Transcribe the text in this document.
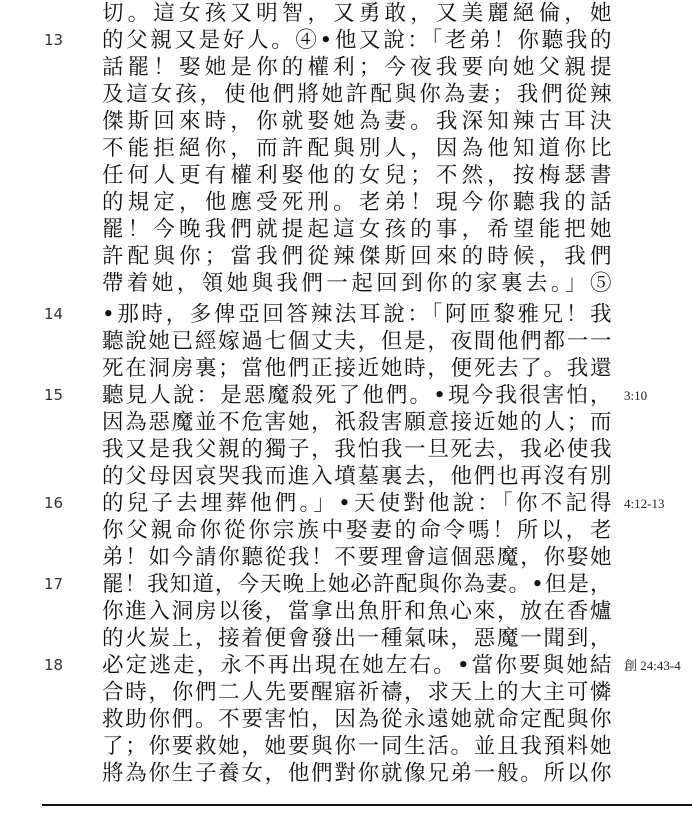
切。這女孩又明智，又勇敢，又美麗絕倫，她
的父親又是好人。④•他又說：「老弟！你聽我的
話罷！娶她是你的權利；今夜我要向她父親提
及這女孩，使他們將她許配與你為妻；我們從辣
傑斯回來時，你就娶她為妻。我深知辣古耳決
不能拒絕你，而許配與別人，因為他知道你比
任何人更有權利娶他的女兒；不然，按梅瑟書
的規定，他應受死刑。老弟！現今你聽我的話
罷！今晚我們就提起這女孩的事，希望能把她
許配與你；當我們從辣傑斯回來的時候，我們
帶着她，領她與我們一起回到你的家裏去。」⑤
•那時，多俾亞回答辣法耳說：「阿匝黎雅兄！我
聽說她已經嫁過七個丈夫，但是，夜間他們都一一
死在洞房裏；當他們正接近她時，便死去了。我還
聽見人說：是惡魔殺死了他們。•現今我很害怕，
因為惡魔並不危害她，祇殺害願意接近她的人；而
我又是我父親的獨子，我怕我一旦死去，我必使我
的父母因哀哭我而進入墳墓裏去，他們也再沒有別
的兒子去埋葬他們。」•天使對他說：「你不記得
你父親命你從你宗族中娶妻的命令嗎！所以，老
弟！如今請你聽從我！不要理會這個惡魔，你娶她
罷！我知道，今天晚上她必許配與你為妻。•但是，
你進入洞房以後，當拿出魚肝和魚心來，放在香爐
的火炭上，接着便會發出一種氣味，惡魔一聞到，
必定逃走，永不再出現在她左右。•當你要與她結
合時，你們二人先要醒寤祈禱，求天上的大主可憐
救助你們。不要害怕，因為從永遠她就命定配與你
了；你要救她，她要與你一同生活。並且我預料她
將為你生子養女，他們對你就像兄弟一般。所以你
13
14
15
16
17
18
3:10
4:12-13
創 24:43-4
